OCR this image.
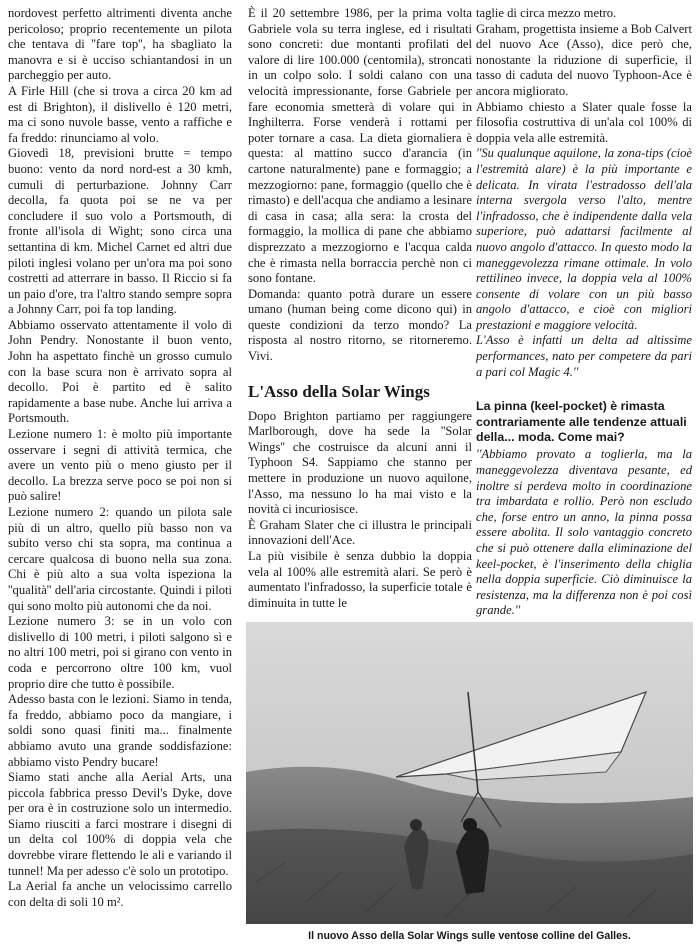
nordovest perfetto altrimenti diventa anche pericoloso; proprio recentemente un pilota che tentava di ''fare top'', ha sbagliato la manovra e si è ucciso schiantandosi in un parcheggio per auto.

A Firle Hill (che si trova a circa 20 km ad est di Brighton), il dislivello è 120 metri, ma ci sono nuvole basse, vento a raffiche e fa freddo: rinunciamo al volo.

Giovedì 18, previsioni brutte = tempo buono: vento da nord nord-est a 30 kmh, cumuli di perturbazione. Johnny Carr decolla, fa quota poi se ne va per concludere il suo volo a Portsmouth, di fronte all'isola di Wight; sono circa una settantina di km. Michel Carnet ed altri due piloti inglesi volano per un'ora ma poi sono costretti ad atterrare in basso. Il Riccio si fa un paio d'ore, tra l'altro stando sempre sopra a Johnny Carr, poi fa top landing.

Abbiamo osservato attentamente il volo di John Pendry. Nonostante il buon vento, John ha aspettato finchè un grosso cumulo con la base scura non è arrivato sopra al decollo. Poi è partito ed è salito rapidamente a base nube. Anche lui arriva a Portsmouth.

Lezione numero 1: è molto più importante osservare i segni di attività termica, che avere un vento più o meno giusto per il decollo. La brezza serve poco se poi non si può salire!

Lezione numero 2: quando un pilota sale più di un altro, quello più basso non va subito verso chi sta sopra, ma continua a cercare qualcosa di buono nella sua zona. Chi è più alto a sua volta ispeziona la ''qualità'' dell'aria circostante. Quindi i piloti qui sono molto più autonomi che da noi.

Lezione numero 3: se in un volo con dislivello di 100 metri, i piloti salgono sì e no altri 100 metri, poi si girano con vento in coda e percorrono oltre 100 km, vuol proprio dire che tutto è possibile.

Adesso basta con le lezioni. Siamo in tenda, fa freddo, abbiamo poco da mangiare, i soldi sono quasi finiti ma... finalmente abbiamo avuto una grande soddisfazione: abbiamo visto Pendry bucare!

Siamo stati anche alla Aerial Arts, una piccola fabbrica presso Devil's Dyke, dove per ora è in costruzione solo un intermedio. Siamo riusciti a farci mostrare i disegni di un delta col 100% di doppia vela che dovrebbe virare flettendo le ali e variando il tunnel! Ma per adesso c'è solo un prototipo.

La Aerial fa anche un velocissimo carrello con delta di soli 10 m².

È il 20 settembre 1986, per la prima volta Gabriele vola su terra inglese, ed i risultati sono concreti: due montanti profilati del valore di lire 100.000 (centomila), stroncati in un colpo solo. I soldi calano con una velocità impressionante, forse Gabriele per fare economia smetterà di volare qui in Inghilterra. Forse venderà i rottami per poter tornare a casa. La dieta giornaliera è questa: al mattino succo d'arancia (in cartone naturalmente) pane e formaggio; a mezzogiorno: pane, formaggio (quello che è rimasto) e dell'acqua che andiamo a lesinare di casa in casa; alla sera: la crosta del formaggio, la mollica di pane che abbiamo disprezzato a mezzogiorno e l'acqua calda che è rimasta nella borraccia perchè non ci sono fontane.

Domanda: quanto potrà durare un essere umano (human being come dicono qui) in queste condizioni da terzo mondo? La risposta al nostro ritorno, se ritorneremo. Vivi.

L'Asso della Solar Wings

Dopo Brighton partiamo per raggiungere Marlborough, dove ha sede la ''Solar Wings'' che costruisce da alcuni anni il Typhoon S4. Sappiamo che stanno per mettere in produzione un nuovo aquilone, l'Asso, ma nessuno lo ha mai visto e la novità ci incuriosisce.

È Graham Slater che ci illustra le principali innovazioni dell'Ace.

La più visibile è senza dubbio la doppia vela al 100% alle estremità alari. Se però è aumentato l'infradosso, la superficie totale è diminuita in tutte le

taglie di circa mezzo metro.

Graham, progettista insieme a Bob Calvert del nuovo Ace (Asso), dice però che, nonostante la riduzione di superficie, il tasso di caduta del nuovo Typhoon-Ace è ancora migliorato.

Abbiamo chiesto a Slater quale fosse la filosofia costruttiva di un'ala col 100% di doppia vela alle estremità.

''Su qualunque aquilone, la zona-tips (cioè l'estremità alare) è la più importante e delicata. In virata l'estradosso dell'ala interna svergola verso l'alto, mentre l'infradosso, che è indipendente dalla vela superiore, può adattarsi facilmente al nuovo angolo d'attacco. In questo modo la maneggevolezza rimane ottimale. In volo rettilineo invece, la doppia vela al 100% consente di volare con un più basso angolo d'attacco, e cioè con migliori prestazioni e maggiore velocità.

L'Asso è infatti un delta ad altissime performances, nato per competere da pari a pari col Magic 4.''

La pinna (keel-pocket) è rimasta contrariamente alle tendenze attuali della... moda. Come mai?

''Abbiamo provato a toglierla, ma la maneggevolezza diventava pesante, ed inoltre si perdeva molto in coordinazione tra imbardata e rollio. Però non escludo che, forse entro un anno, la pinna possa essere abolita. Il solo vantaggio concreto che si può ottenere dalla eliminazione del keel-pocket, è l'inserimento della chiglia nella doppia superficie. Ciò diminuisce la resistenza, ma la differenza non è poi così grande.''

Il nuovo Asso della Solar Wings sulle ventose colline del Galles.
